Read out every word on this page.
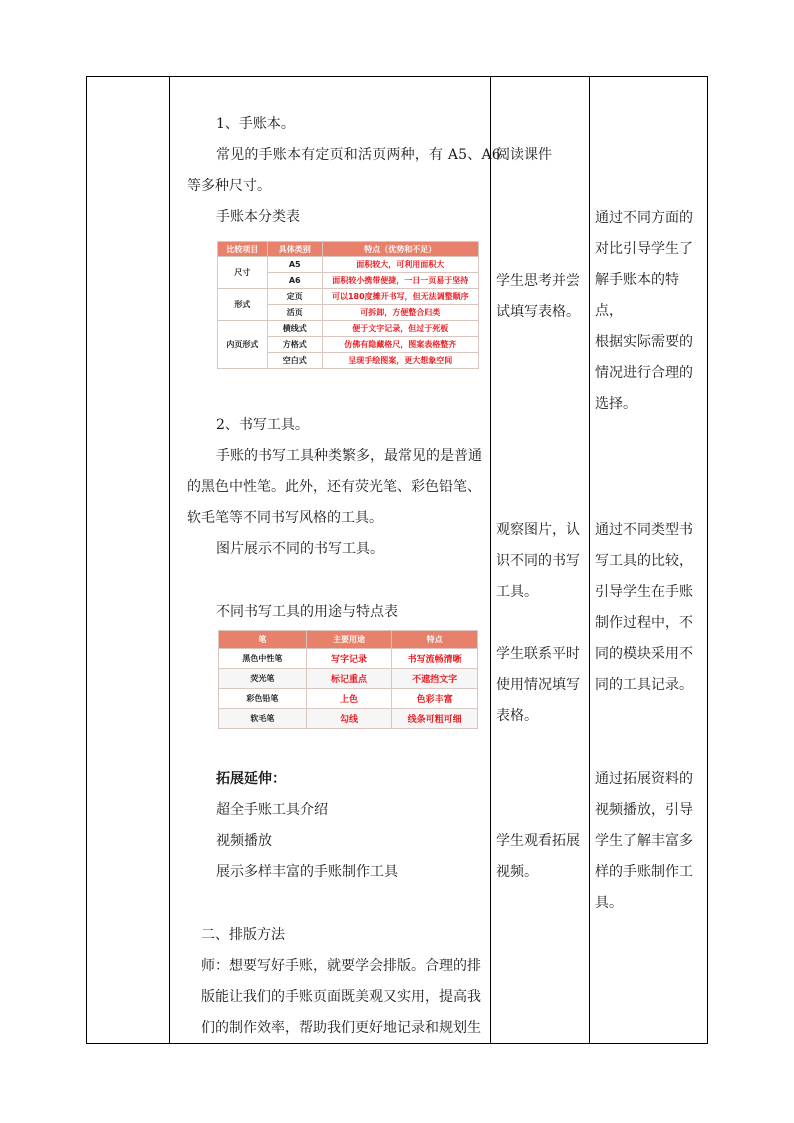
1、手账本。
常见的手账本有定页和活页两种，有 A5、A6
等多种尺寸。
手账本分类表
比较项目	具体类别	特点（优势和不足）
尺寸	A5	面积较大，可利用面积大
	A6	面积较小携带便捷，一日一页易于坚持
形式	定页	可以180度摊开书写，但无法调整顺序
	活页	可拆卸，方便整合归类
内页形式	横线式	便于文字记录，但过于死板
	方格式	仿佛有隐藏格尺，图案表格整齐
	空白式	呈现手绘图案，更大想象空间
2、书写工具。
手账的书写工具种类繁多，最常见的是普通
的黑色中性笔。此外，还有荧光笔、彩色铅笔、
软毛笔等不同书写风格的工具。
图片展示不同的书写工具。
不同书写工具的用途与特点表
笔	主要用途	特点
黑色中性笔	写字记录	书写流畅清晰
荧光笔	标记重点	不遮挡文字
彩色铅笔	上色	色彩丰富
软毛笔	勾线	线条可粗可细
拓展延伸：
超全手账工具介绍
视频播放
展示多样丰富的手账制作工具
二、排版方法
师：想要写好手账，就要学会排版。合理的排
版能让我们的手账页面既美观又实用，提高我
们的制作效率，帮助我们更好地记录和规划生
阅读课件
学生思考并尝
试填写表格。
观察图片，认
识不同的书写
工具。
学生联系平时
使用情况填写
表格。
学生观看拓展
视频。
通过不同方面的
对比引导学生了
解手账本的特点，
根据实际需要的
情况进行合理的
选择。
通过不同类型书
写工具的比较，
引导学生在手账
制作过程中，不
同的模块采用不
同的工具记录。
通过拓展资料的
视频播放，引导
学生了解丰富多
样的手账制作工
具。
